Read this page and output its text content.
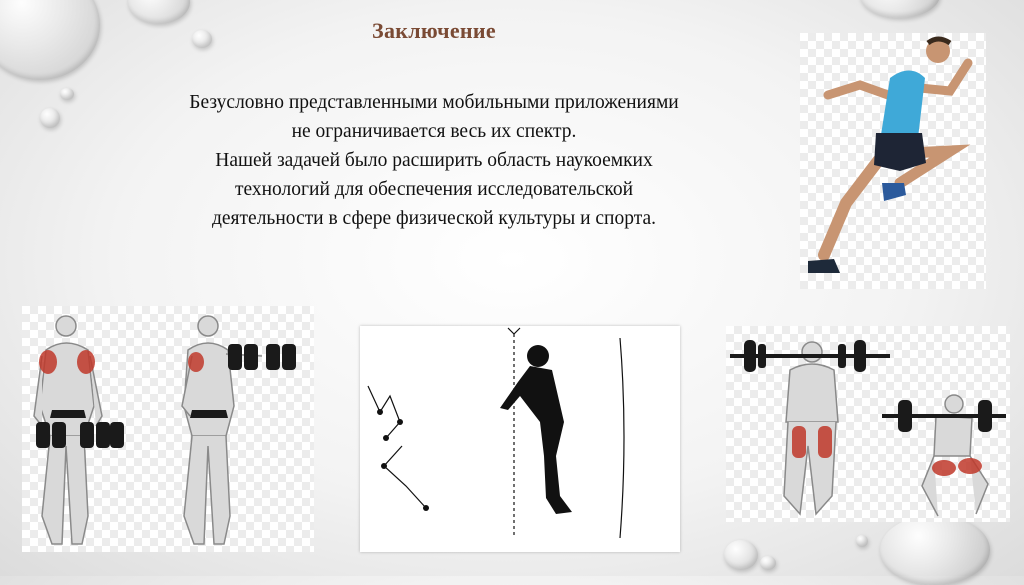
Заключение
Безусловно представленными мобильными приложениями
не ограничивается весь их спектр.
Нашей задачей было расширить область наукоемких
технологий для обеспечения исследовательской
деятельности в сфере физической культуры и спорта.
